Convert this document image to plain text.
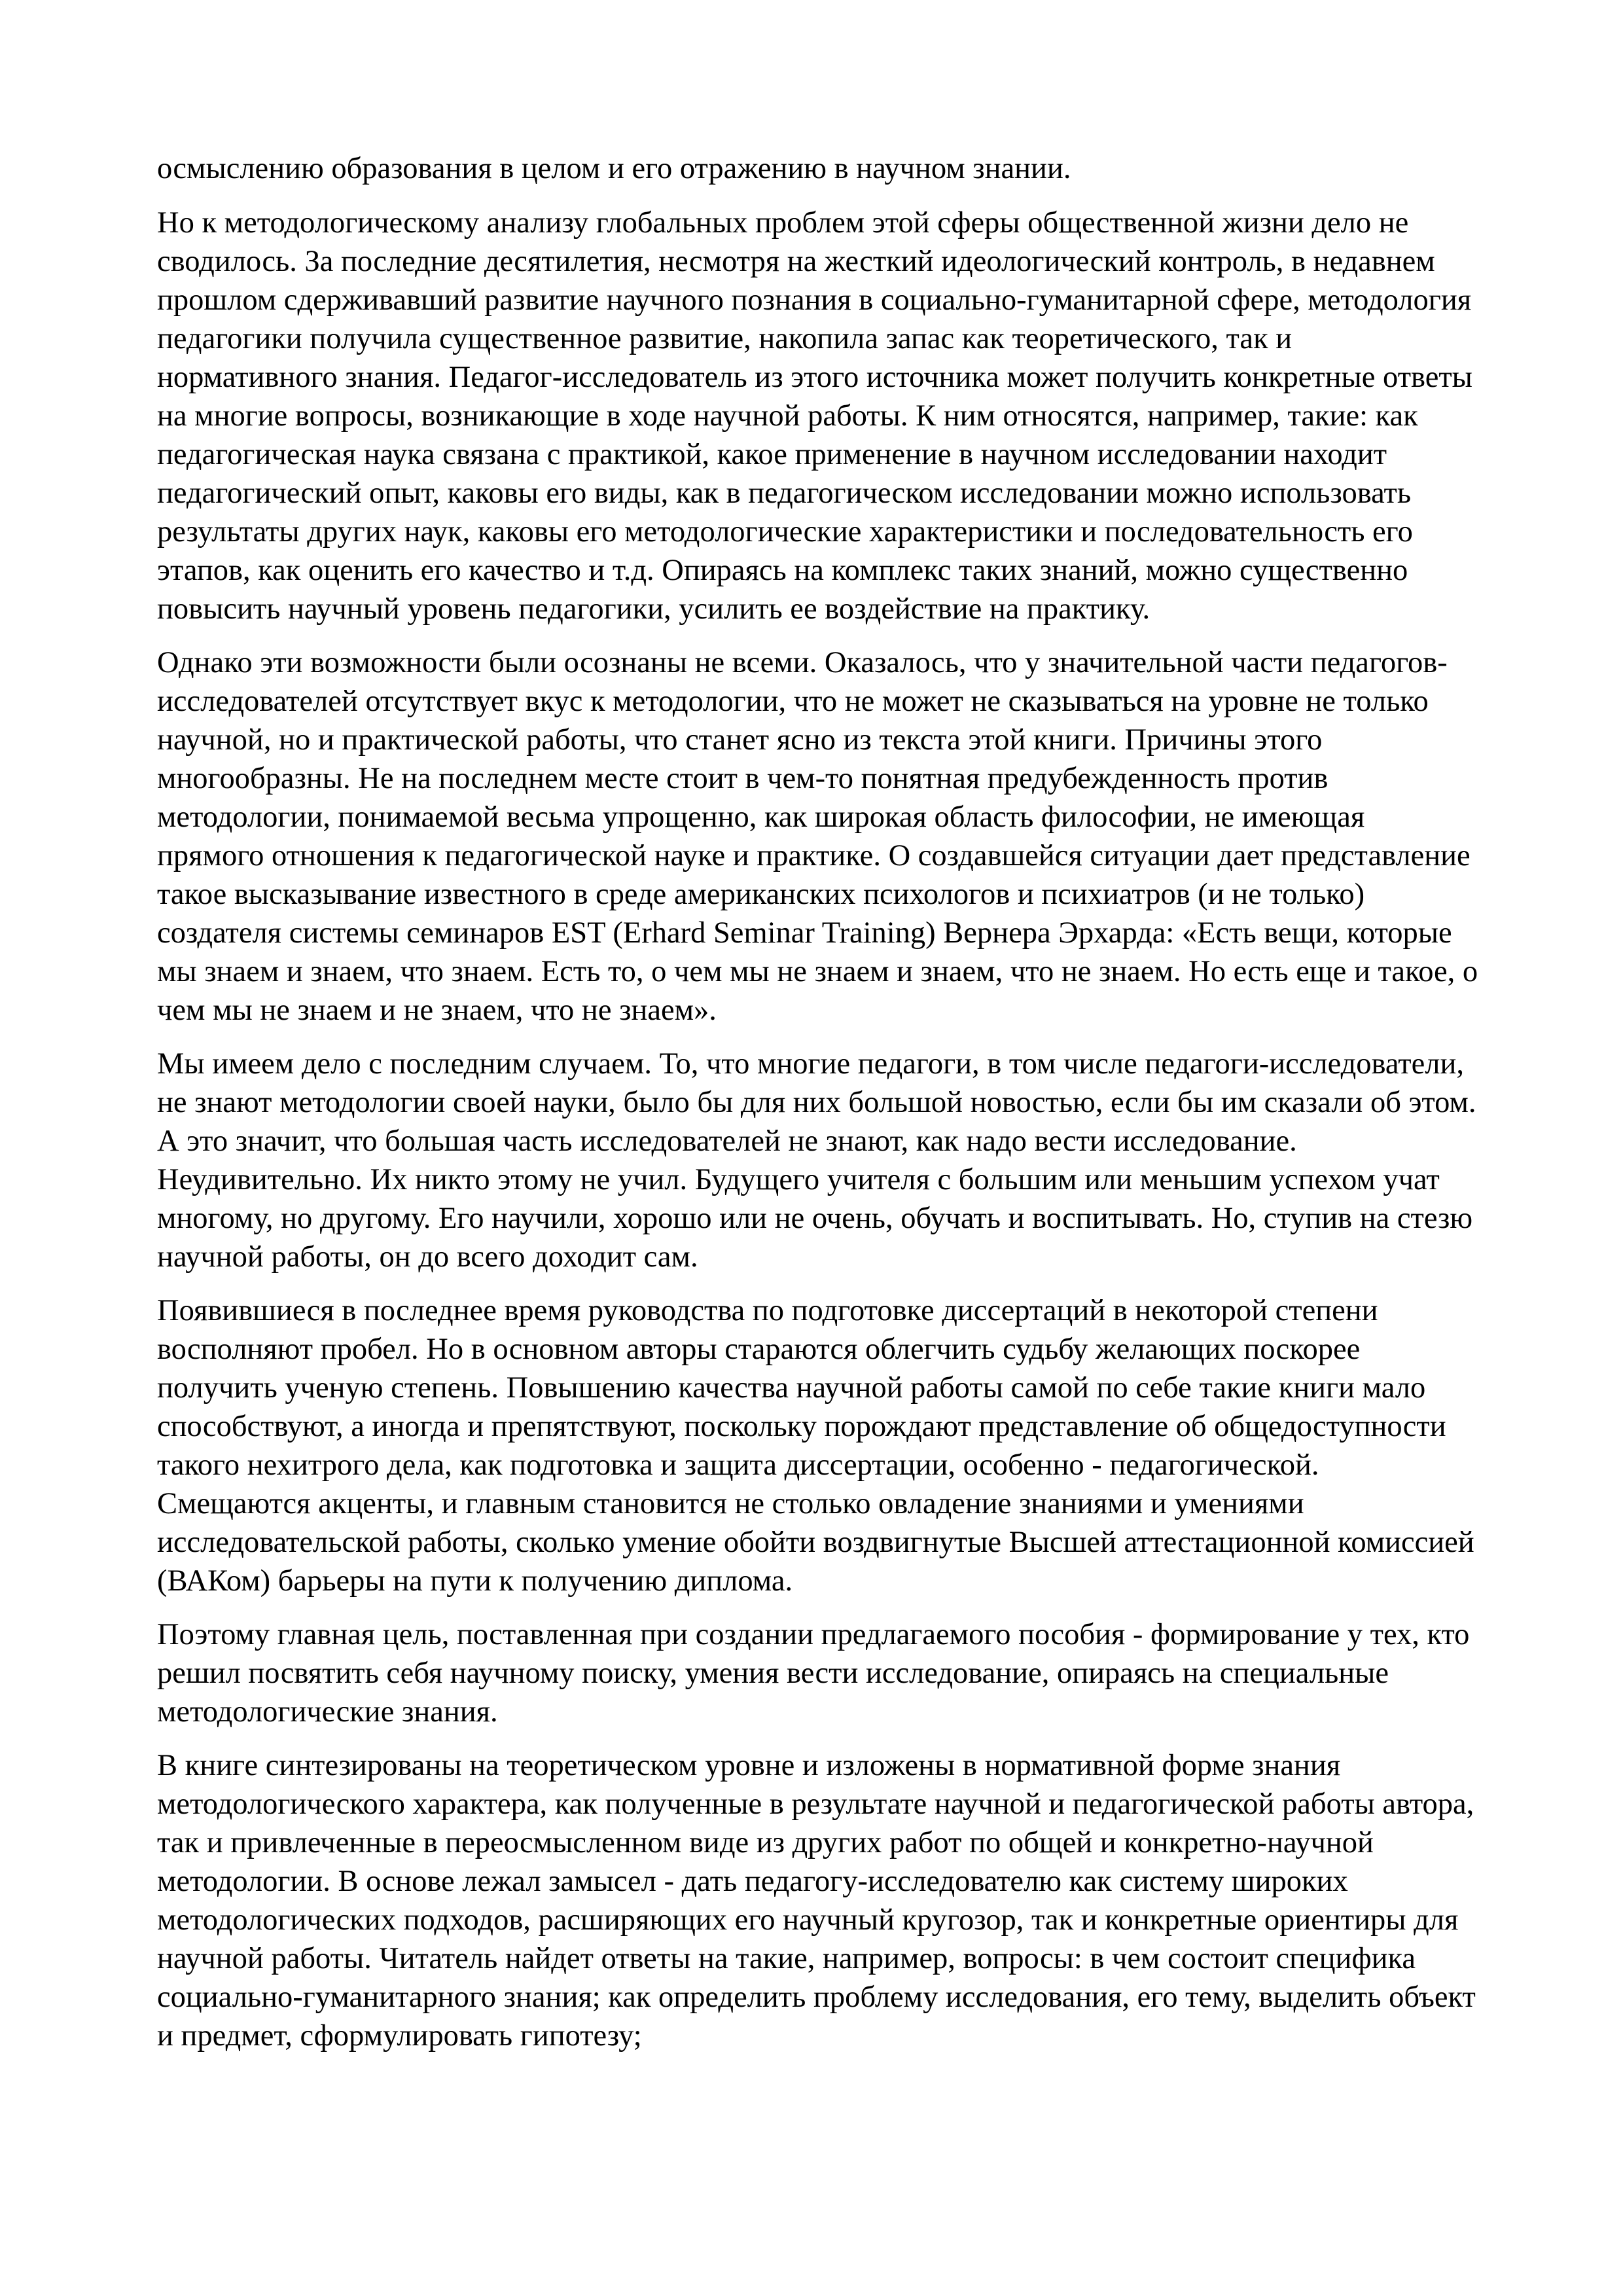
осмыслению образования в целом и его отражению в научном знании.

Но к методологическому анализу глобальных проблем этой сферы общественной жизни дело не сводилось. За последние десятилетия, несмотря на жесткий идеологический контроль, в недавнем прошлом сдерживавший развитие научного познания в социально-гуманитарной сфере, методология педагогики получила существенное развитие, накопила запас как теоретического, так и нормативного знания. Педагог-исследователь из этого источника может получить конкретные ответы на многие вопросы, возникающие в ходе научной работы. К ним относятся, например, такие: как педагогическая наука связана с практикой, какое применение в научном исследовании находит педагогический опыт, каковы его виды, как в педагогическом исследовании можно использовать результаты других наук, каковы его методологические характеристики и последовательность его этапов, как оценить его качество и т.д. Опираясь на комплекс таких знаний, можно существенно повысить научный уровень педагогики, усилить ее воздействие на практику.

Однако эти возможности были осознаны не всеми. Оказалось, что у значительной части педагогов-исследователей отсутствует вкус к методологии, что не может не сказываться на уровне не только научной, но и практической работы, что станет ясно из текста этой книги. Причины этого многообразны. Не на последнем месте стоит в чем-то понятная предубежденность против методологии, понимаемой весьма упрощенно, как широкая область философии, не имеющая прямого отношения к педагогической науке и практике. О создавшейся ситуации дает представление такое высказывание известного в среде американских психологов и психиатров (и не только) создателя системы семинаров EST (Erhard Seminar Training) Вернера Эрхарда: «Есть вещи, которые мы знаем и знаем, что знаем. Есть то, о чем мы не знаем и знаем, что не знаем. Но есть еще и такое, о чем мы не знаем и не знаем, что не знаем».

Мы имеем дело с последним случаем. То, что многие педагоги, в том числе педагоги-исследователи, не знают методологии своей науки, было бы для них большой новостью, если бы им сказали об этом. А это значит, что большая часть исследователей не знают, как надо вести исследование. Неудивительно. Их никто этому не учил. Будущего учителя с большим или меньшим успехом учат многому, но другому. Его научили, хорошо или не очень, обучать и воспитывать. Но, ступив на стезю научной работы, он до всего доходит сам.

Появившиеся в последнее время руководства по подготовке диссертаций в некоторой степени восполняют пробел. Но в основном авторы стараются облегчить судьбу желающих поскорее получить ученую степень. Повышению качества научной работы самой по себе такие книги мало способствуют, а иногда и препятствуют, поскольку порождают представление об общедоступности такого нехитрого дела, как подготовка и защита диссертации, особенно - педагогической. Смещаются акценты, и главным становится не столько овладение знаниями и умениями исследовательской работы, сколько умение обойти воздвигнутые Высшей аттестационной комиссией (ВАКом) барьеры на пути к получению диплома.

Поэтому главная цель, поставленная при создании предлагаемого пособия - формирование у тех, кто решил посвятить себя научному поиску, умения вести исследование, опираясь на специальные методологические знания.

В книге синтезированы на теоретическом уровне и изложены в нормативной форме знания методологического характера, как полученные в результате научной и педагогической работы автора, так и привлеченные в переосмысленном виде из других работ по общей и конкретно-научной методологии. В основе лежал замысел - дать педагогу-исследователю как систему широких методологических подходов, расширяющих его научный кругозор, так и конкретные ориентиры для научной работы. Читатель найдет ответы на такие, например, вопросы: в чем состоит специфика социально-гуманитарного знания; как определить проблему исследования, его тему, выделить объект и предмет, сформулировать гипотезу;
